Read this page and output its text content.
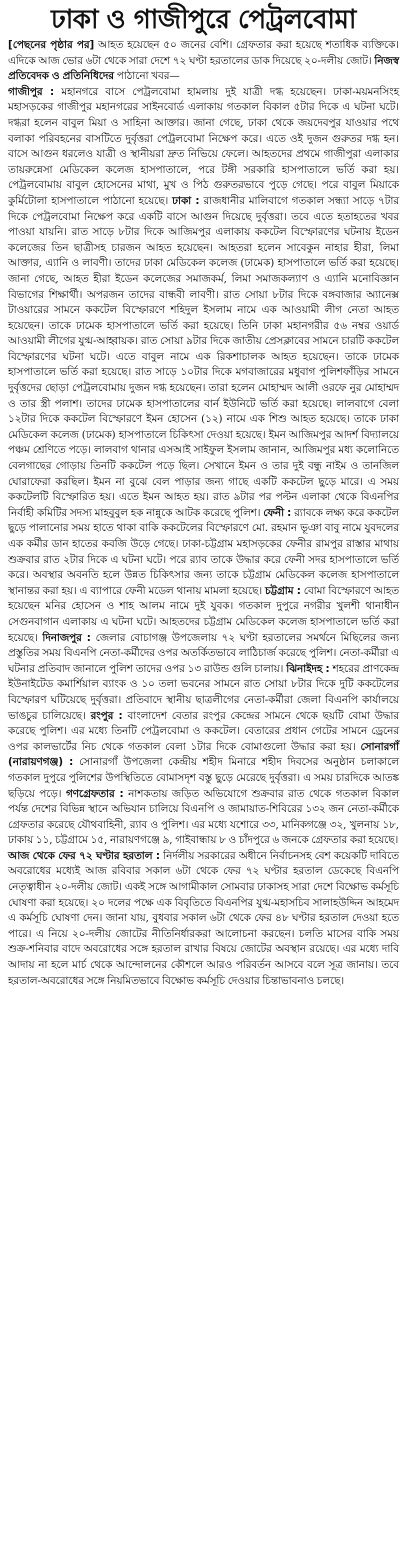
ঢাকা ও গাজীপুরে পেট্রলবোমা

[পেছনের পৃষ্ঠার পর] আহত হয়েছেন ৫০ জনের বেশি। গ্রেফতার করা হয়েছে শতাধিক ব্যক্তিকে। এদিকে আজ ভোর ৬টা থেকে সারা দেশে ৭২ ঘণ্টা হরতালের ডাক দিয়েছে ২০-দলীয় জোট। নিজস্ব প্রতিবেদক ও প্রতিনিধিদের পাঠানো খবর—
গাজীপুর : মহানগরে বাসে পেট্রলবোমা হামলায় দুই যাত্রী দগ্ধ হয়েছেন। ঢাকা-ময়মনসিংহ মহাসড়কের গাজীপুর মহানগরের সাইনবোর্ড এলাকায় গতকাল বিকাল ৫টার দিকে এ ঘটনা ঘটে। দগ্ধরা হলেন বাবুল মিয়া ও সাহিনা আক্তার। জানা গেছে, ঢাকা থেকে জয়দেবপুর যাওয়ার পথে বলাকা পরিবহনের বাসটিতে দুর্বৃত্তরা পেট্রলবোমা নিক্ষেপ করে। এতে ওই দুজন গুরুতর দগ্ধ হন। বাসে আগুন ধরলেও যাত্রী ও স্থানীয়রা দ্রুত নিভিয়ে ফেলে। আহতদের প্রথমে গাজীপুরা এলাকার তায়রুন্নেসা মেডিকেল কলেজ হাসপাতালে, পরে টঙ্গী সরকারি হাসপাতালে ভর্তি করা হয়। পেট্রলবোমায় বাবুল হোসেনের মাথা, মুখ ও পিঠ গুরুতরভাবে পুড়ে গেছে। পরে বাবুল মিয়াকে কুর্মিটোলা হাসপাতালে পাঠানো হয়েছে। ঢাকা : রাজধানীর মালিবাগে গতকাল সন্ধ্যা সাড়ে ৭টার দিকে পেট্রলবোমা নিক্ষেপ করে একটি বাসে আগুন দিয়েছে দুর্বৃত্তরা। তবে এতে হতাহতের খবর পাওয়া যায়নি। রাত সাড়ে ৮টার দিকে আজিমপুর এলাকায় ককটেল বিস্ফোরণের ঘটনায় ইডেন কলেজের তিন ছাত্রীসহ চারজন আহত হয়েছেন। আহতরা হলেন সাবেকুন নাহার হীরা, লিমা আক্তার, এ্যানি ও লাবণী। তাদের ঢাকা মেডিকেল কলেজ (ঢামেক) হাসপাতালে ভর্তি করা হয়েছে। জানা গেছে, আহত হীরা ইডেন কলেজের সমাজকর্ম, লিমা সমাজকল্যাণ ও এ্যানি মনোবিজ্ঞান বিভাগের শিক্ষার্থী। অপরজন তাদের বান্ধবী লাবণী। রাত সোয়া ৮টার দিকে বঙ্গবাজার অ্যানেক্স টাওয়ারের সামনে ককটেল বিস্ফোরণে শহিদুল ইসলাম নামে এক আওয়ামী লীগ নেতা আহত হয়েছেন। তাকে ঢামেক হাসপাতালে ভর্তি করা হয়েছে। তিনি ঢাকা মহানগরীর ৫৬ নম্বর ওয়ার্ড আওয়ামী লীগের যুগ্ম-আহ্বায়ক। রাত সোয়া ৯টার দিকে জাতীয় প্রেসক্লাবের সামনে চারটি ককটেল বিস্ফোরণের ঘটনা ঘটে। এতে বাবুল নামে এক রিকশাচালক আহত হয়েছেন। তাকে ঢামেক হাসপাতালে ভর্তি করা হয়েছে। রাত সাড়ে ১০টার দিকে মগবাজারের মধুবাগ পুলিশফাঁড়ির সামনে দুর্বৃত্তদের ছোড়া পেট্রলবোমায় দুজন দগ্ধ হয়েছেন। তারা হলেন মোহাম্মদ আলী ওরফে নুর মোহাম্মদ ও তার স্ত্রী পলাশ। তাদের ঢামেক হাসপাতালের বার্ন ইউনিটে ভর্তি করা হয়েছে। লালবাগে বেলা ১২টার দিকে ককটেল বিস্ফোরণে ইমন হোসেন (১২) নামে এক শিশু আহত হয়েছে। তাকে ঢাকা মেডিকেল কলেজ (ঢামেক) হাসপাতালে চিকিৎসা দেওয়া হয়েছে। ইমন আজিমপুর আদর্শ বিদ্যালয়ে পঞ্চম শ্রেণিতে পড়ে। লালবাগ থানার এসআই সাইফুল ইসলাম জানান, আজিমপুর মধ্য কলোনিতে বেলগাছের গোড়ায় তিনটি ককটেল পড়ে ছিল। সেখানে ইমন ও তার দুই বন্ধু নাইম ও তানজিল ঘোরাফেরা করছিল। ইমন না বুঝে বেল পাড়ার জন্য গাছে একটি ককটেল ছুড়ে মারে। এ সময় ককটেলটি বিস্ফোরিত হয়। এতে ইমন আহত হয়। রাত ৯টার পর পল্টন এলাকা থেকে বিএনপির নির্বাহী কমিটির সদস্য মাহবুবুল হক নান্নুকে আটক করেছে পুলিশ। ফেনী : র‌্যাবকে লক্ষ্য করে ককটেল ছুড়ে পালানোর সময় হাতে থাকা বাকি ককটেলের বিস্ফোরণে মো. রহমান ভূঞা বাবু নামে যুবদলের এক কর্মীর ডান হাতের কবজি উড়ে গেছে। ঢাকা-চট্টগ্রাম মহাসড়কের ফেনীর রামপুর রাস্তার মাথায় শুক্রবার রাত ২টার দিকে এ ঘটনা ঘটে। পরে র‌্যাব তাকে উদ্ধার করে ফেনী সদর হাসপাতালে ভর্তি করে। অবস্থার অবনতি হলে উন্নত চিকিৎসার জন্য তাকে চট্টগ্রাম মেডিকেল কলেজ হাসপাতালে স্থানান্তর করা হয়। এ ব্যাপারে ফেনী মডেল থানায় মামলা হয়েছে। চট্টগ্রাম : বোমা বিস্ফোরণে আহত হয়েছেন মনির হোসেন ও শাহ আলম নামে দুই যুবক। গতকাল দুপুরে নগরীর খুলশী থানাধীন সেগুনবাগান এলাকায় এ ঘটনা ঘটে। আহতদের চট্টগ্রাম মেডিকেল কলেজ হাসপাতালে ভর্তি করা হয়েছে। দিনাজপুর : জেলার বোচাগঞ্জ উপজেলায় ৭২ ঘণ্টা হরতালের সমর্থনে মিছিলের জন্য প্রস্তুতির সময় বিএনপি নেতা-কর্মীদের ওপর অতর্কিতভাবে লাঠিচার্জ করেছে পুলিশ। নেতা-কর্মীরা এ ঘটনার প্রতিবাদ জানালে পুলিশ তাদের ওপর ১৩ রাউন্ড গুলি চালায়। ঝিনাইদহ : শহরের প্রাণকেন্দ্র ইউনাইটেড কমার্শিয়াল ব্যাংক ও ১০ তলা ভবনের সামনে রাত সোয়া ৮টার দিকে দুটি ককটেলের বিস্ফোরণ ঘটিয়েছে দুর্বৃত্তরা। প্রতিবাদে স্থানীয় ছাত্রলীগের নেতা-কর্মীরা জেলা বিএনপি কার্যালয়ে ভাঙচুর চালিয়েছে। রংপুর : বাংলাদেশ বেতার রংপুর কেন্দ্রের সামনে থেকে ছয়টি বোমা উদ্ধার করেছে পুলিশ। এর মধ্যে তিনটি পেট্রলবোমা ও ককটেল। বেতারের প্রধান গেটের সামনে ড্রেনের ওপর কালভার্টের নিচ থেকে গতকাল বেলা ১টার দিকে বোমাগুলো উদ্ধার করা হয়। সোনারগাঁ (নারায়ণগঞ্জ) : সোনারগাঁ উপজেলা কেন্দ্রীয় শহীদ মিনারে শহীদ দিবসের অনুষ্ঠান চলাকালে গতকাল দুপুরে পুলিশের উপস্থিতিতে বোমাসদৃশ বস্তু ছুড়ে মেরেছে দুর্বৃত্তরা। এ সময় চারদিকে আতঙ্ক ছড়িয়ে পড়ে। গণগ্রেফতার : নাশকতায় জড়িত অভিযোগে শুক্রবার রাত থেকে গতকাল বিকাল পর্যন্ত দেশের বিভিন্ন স্থানে অভিযান চালিয়ে বিএনপি ও জামায়াত-শিবিরের ১৩২ জন নেতা-কর্মীকে গ্রেফতার করেছে যৌথবাহিনী, র‌্যাব ও পুলিশ। এর মধ্যে যশোরে ৩৩, মানিকগঞ্জে ৩২, খুলনায় ১৮, ঢাকায় ১১, চট্টগ্রামে ১৫, নারায়ণগঞ্জে ৯, গাইবান্ধায় ৮ ও চাঁদপুরে ৬ জনকে গ্রেফতার করা হয়েছে।
আজ থেকে ফের ৭২ ঘণ্টার হরতাল : নির্দলীয় সরকারের অধীনে নির্বাচনসহ বেশ কয়েকটি দাবিতে অবরোধের মধ্যেই আজ রবিবার সকাল ৬টা থেকে ফের ৭২ ঘণ্টার হরতাল ডেকেছে বিএনপি নেতৃত্বাধীন ২০-দলীয় জোট। একই সঙ্গে আগামীকাল সোমবার ঢাকাসহ সারা দেশে বিক্ষোভ কর্মসূচি ঘোষণা করা হয়েছে। ২০ দলের পক্ষে এক বিবৃতিতে বিএনপির যুগ্ম-মহাসচিব সালাহউদ্দিন আহমেদ এ কর্মসূচি ঘোষণা দেন। জানা যায়, বুধবার সকাল ৬টা থেকে ফের ৪৮ ঘণ্টার হরতাল দেওয়া হতে পারে। এ নিয়ে ২০-দলীয় জোটের নীতিনির্ধারকরা আলোচনা করছেন। চলতি মাসের বাকি সময় শুক্র-শনিবার বাদে অবরোধের সঙ্গে হরতাল রাখার বিষয়ে জোটের অবস্থান রয়েছে। এর মধ্যে দাবি আদায় না হলে মার্চ থেকে আন্দোলনের কৌশলে আরও পরিবর্তন আসবে বলে সূত্র জানায়। তবে হরতাল-অবরোধের সঙ্গে নিয়মিতভাবে বিক্ষোভ কর্মসূচি দেওয়ার চিন্তাভাবনাও চলছে।
